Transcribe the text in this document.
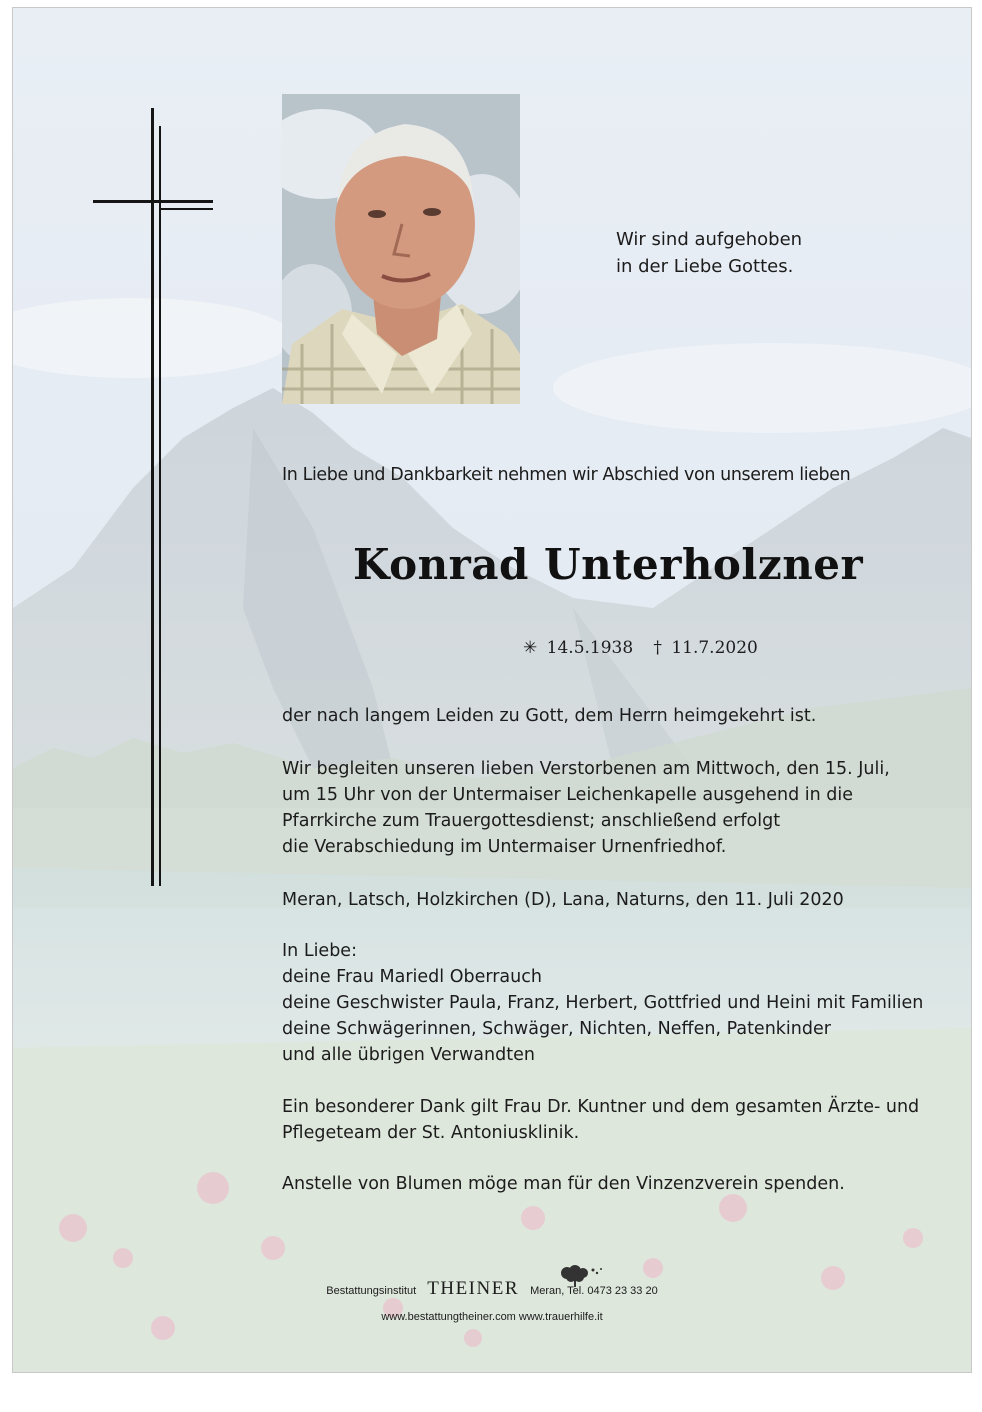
Wir sind aufgehoben
in der Liebe Gottes.
In Liebe und Dankbarkeit nehmen wir Abschied von unserem lieben
Konrad Unterholzner
✳ 14.5.1938 † 11.7.2020
der nach langem Leiden zu Gott, dem Herrn heimgekehrt ist.
Wir begleiten unseren lieben Verstorbenen am Mittwoch, den 15. Juli,
um 15 Uhr von der Untermaiser Leichenkapelle ausgehend in die
Pfarrkirche zum Trauergottesdienst; anschließend erfolgt
die Verabschiedung im Untermaiser Urnenfriedhof.
Meran, Latsch, Holzkirchen (D), Lana, Naturns, den 11. Juli 2020
In Liebe:
deine Frau Mariedl Oberrauch
deine Geschwister Paula, Franz, Herbert, Gottfried und Heini mit Familien
deine Schwägerinnen, Schwäger, Nichten, Neffen, Patenkinder
und alle übrigen Verwandten
Ein besonderer Dank gilt Frau Dr. Kuntner und dem gesamten Ärzte- und
Pflegeteam der St. Antoniusklinik.
Anstelle von Blumen möge man für den Vinzenzverein spenden.
Bestattungsinstitut THEINER Meran, Tel. 0473 23 33 20
www.bestattungtheiner.com www.trauerhilfe.it
